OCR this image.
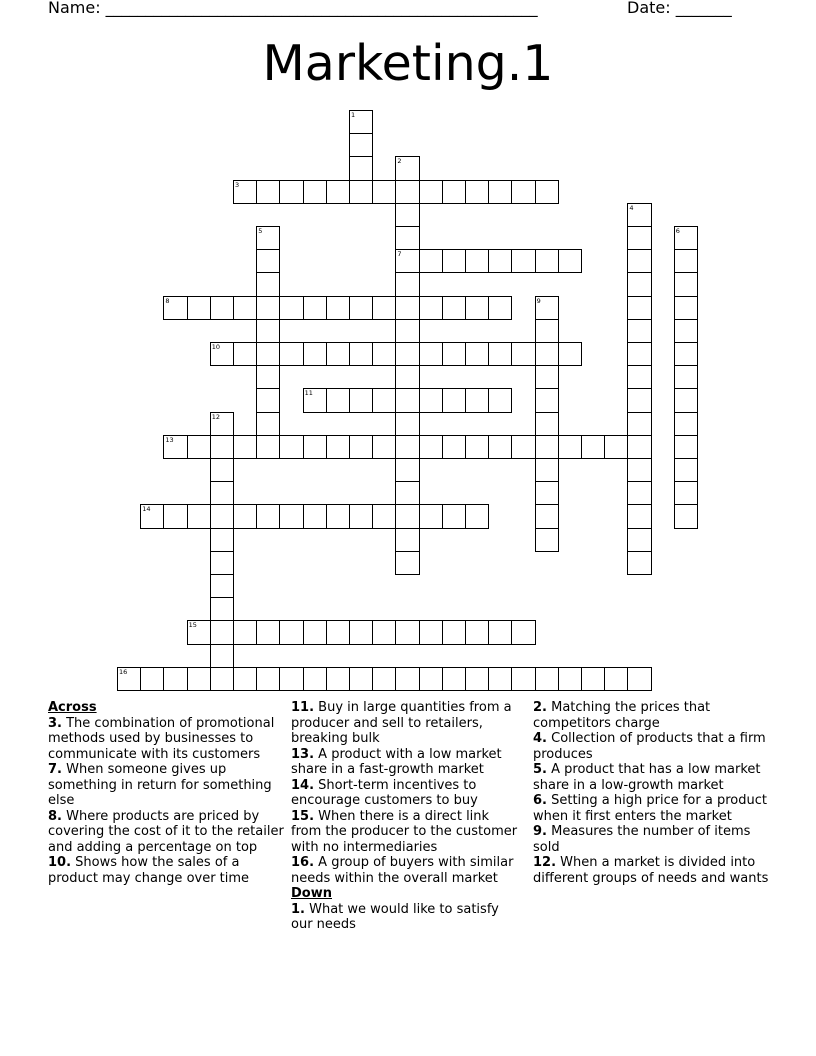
Name: ______________________________________________________	Date: _______
Marketing.1
3
7
8
10
11
13
14
15
16
1
2
4
5	6
9
12
Across
3. The combination of promotional methods used by businesses to communicate with its customers
7. When someone gives up something in return for something else
8. Where products are priced by covering the cost of it to the retailer and adding a percentage on top
10. Shows how the sales of a product may change over time
11. Buy in large quantities from a producer and sell to retailers, breaking bulk
13. A product with a low market share in a fast-growth market
14. Short-term incentives to encourage customers to buy
15. When there is a direct link from the producer to the customer with no intermediaries
16. A group of buyers with similar needs within the overall market
Down
1. What we would like to satisfy our needs
2. Matching the prices that competitors charge
4. Collection of products that a firm produces
5. A product that has a low market share in a low-growth market
6. Setting a high price for a product when it first enters the market
9. Measures the number of items sold
12. When a market is divided into different groups of needs and wants
